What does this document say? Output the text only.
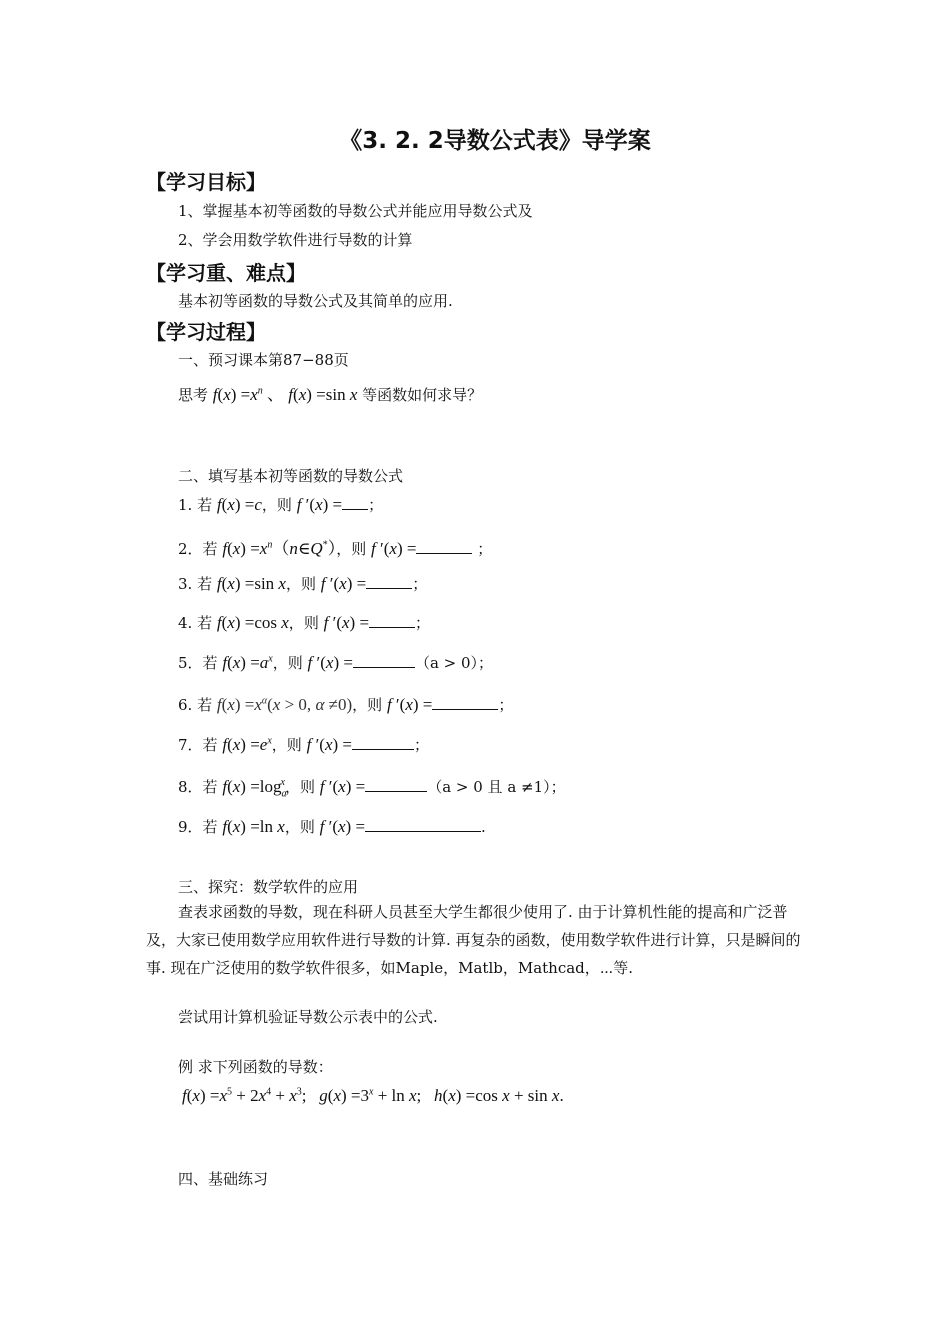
《3. 2. 2导数公式表》导学案
【学习目标】
1、掌握基本初等函数的导数公式并能应用导数公式及
2、学会用数学软件进行导数的计算
【学习重、难点】
基本初等函数的导数公式及其简单的应用.
【学习过程】
一、预习课本第87−88页
思考 $f(x) =x^n$ 、 f(x) =sin x 等函数如何求导？
二、填写基本初等函数的导数公式
1. 若 f(x) =c，则 f ′(x) = ；
2．若 $f(x) =x^n(n\in Q^*)$，则 f ′(x) =	；
3. 若 f(x) =sin x，则 f ′(x) =	；
4. 若 f(x) =cos x，则 f ′(x) =	；
5．若 $f(x) =a^x$，则 f ′(x) =	（a > 0）；
6. 若 $f(x) =x^\alpha(x > 0$, α ≠0)，则 f ′(x) =	；
7．若 $f(x) =e^x$，则 f ′(x) =	；
8．若 $f(x) =\log_a^x$，则 f ′(x) =	（a > 0 且 a ≠1）；
9．若 f(x) =ln x，则 f ′(x) =	.
三、探究：数学软件的应用
查表求函数的导数，现在科研人员甚至大学生都很少使用了. 由于计算机性能的提高和广泛普及，大家已使用数学应用软件进行导数的计算. 再复杂的函数，使用数学软件进行计算，只是瞬间的事. 现在广泛使用的数学软件很多，如Maple，Matlb，Mathcad，⋯等.
尝试用计算机验证导数公示表中的公式.
例 求下列函数的导数：
$f(x) =x^5 + 2x^4 + x^3$;   $g(x) =3^x + \ln x$;   h(x) =cos x + sin x.
四、基础练习
